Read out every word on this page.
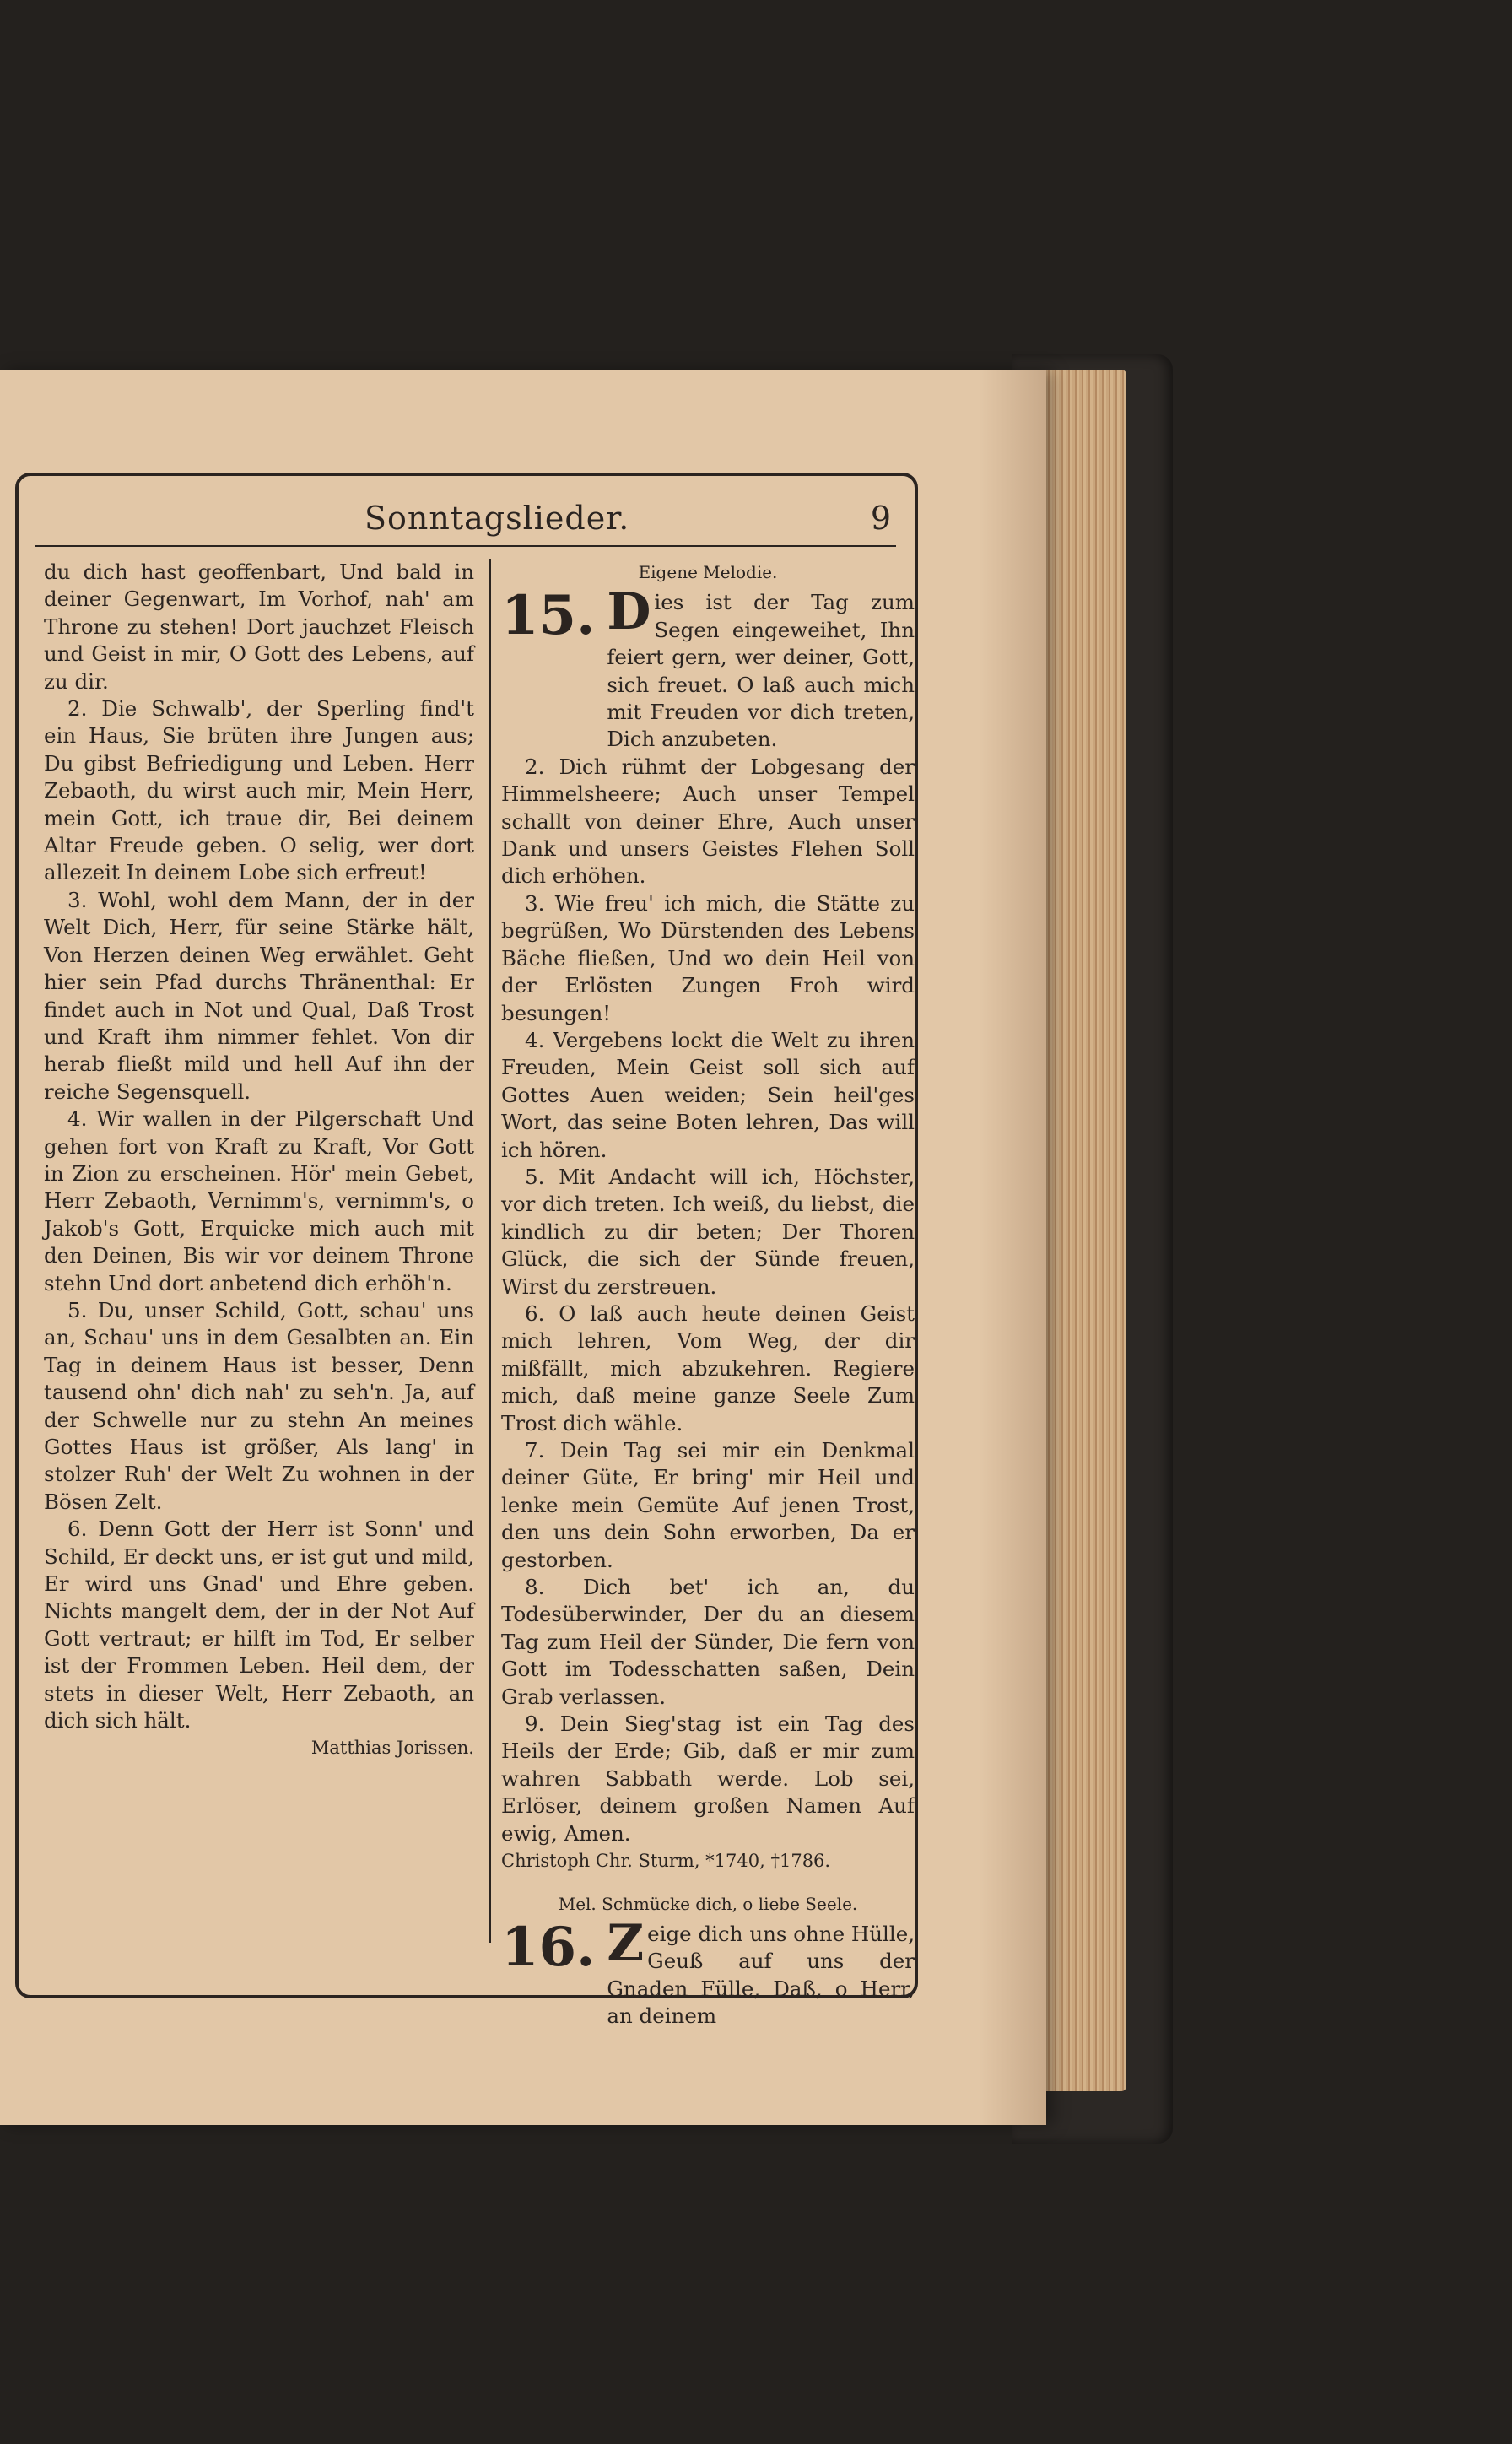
Sonntagslieder.	9

du dich hast geoffenbart, Und bald in deiner Gegenwart, Im Vorhof, nah' am Throne zu stehen! Dort jauchzet Fleisch und Geist in mir, O Gott des Lebens, auf zu dir.

2. Die Schwalb', der Sperling find't ein Haus, Sie brüten ihre Jungen aus; Du gibst Befriedigung und Leben. Herr Zebaoth, du wirst auch mir, Mein Herr, mein Gott, ich traue dir, Bei deinem Altar Freude geben. O selig, wer dort allezeit In deinem Lobe sich erfreut!

3. Wohl, wohl dem Mann, der in der Welt Dich, Herr, für seine Stärke hält, Von Herzen deinen Weg erwählet. Geht hier sein Pfad durchs Thränenthal: Er findet auch in Not und Qual, Daß Trost und Kraft ihm nimmer fehlet. Von dir herab fließt mild und hell Auf ihn der reiche Segensquell.

4. Wir wallen in der Pilgerschaft Und gehen fort von Kraft zu Kraft, Vor Gott in Zion zu erscheinen. Hör' mein Gebet, Herr Zebaoth, Vernimm's, vernimm's, o Jakob's Gott, Erquicke mich auch mit den Deinen, Bis wir vor deinem Throne stehn Und dort anbetend dich erhöh'n.

5. Du, unser Schild, Gott, schau' uns an, Schau' uns in dem Gesalbten an. Ein Tag in deinem Haus ist besser, Denn tausend ohn' dich nah' zu seh'n. Ja, auf der Schwelle nur zu stehn An meines Gottes Haus ist größer, Als lang' in stolzer Ruh' der Welt Zu wohnen in der Bösen Zelt.

6. Denn Gott der Herr ist Sonn' und Schild, Er deckt uns, er ist gut und mild, Er wird uns Gnad' und Ehre geben. Nichts mangelt dem, der in der Not Auf Gott vertraut; er hilft im Tod, Er selber ist der Frommen Leben. Heil dem, der stets in dieser Welt, Herr Zebaoth, an dich sich hält.

Matthias Jorissen.

Eigene Melodie.

15. D ies ist der Tag zum Segen eingeweihet, Ihn feiert gern, wer deiner, Gott, sich freuet. O laß auch mich mit Freuden vor dich treten, Dich anzubeten.

2. Dich rühmt der Lobgesang der Himmelsheere; Auch unser Tempel schallt von deiner Ehre, Auch unser Dank und unsers Geistes Flehen Soll dich erhöhen.

3. Wie freu' ich mich, die Stätte zu begrüßen, Wo Dürstenden des Lebens Bäche fließen, Und wo dein Heil von der Erlösten Zungen Froh wird besungen!

4. Vergebens lockt die Welt zu ihren Freuden, Mein Geist soll sich auf Gottes Auen weiden; Sein heil'ges Wort, das seine Boten lehren, Das will ich hören.

5. Mit Andacht will ich, Höchster, vor dich treten. Ich weiß, du liebst, die kindlich zu dir beten; Der Thoren Glück, die sich der Sünde freuen, Wirst du zerstreuen.

6. O laß auch heute deinen Geist mich lehren, Vom Weg, der dir mißfällt, mich abzukehren. Regiere mich, daß meine ganze Seele Zum Trost dich wähle.

7. Dein Tag sei mir ein Denkmal deiner Güte, Er bring' mir Heil und lenke mein Gemüte Auf jenen Trost, den uns dein Sohn erworben, Da er gestorben.

8. Dich bet' ich an, du Todesüberwinder, Der du an diesem Tag zum Heil der Sünder, Die fern von Gott im Todesschatten saßen, Dein Grab verlassen.

9. Dein Sieg'stag ist ein Tag des Heils der Erde; Gib, daß er mir zum wahren Sabbath werde. Lob sei, Erlöser, deinem großen Namen Auf ewig, Amen.

Christoph Chr. Sturm, *1740, †1786.

Mel. Schmücke dich, o liebe Seele.

16. Z eige dich uns ohne Hülle, Geuß auf uns der Gnaden Fülle, Daß, o Herr, an deinem
